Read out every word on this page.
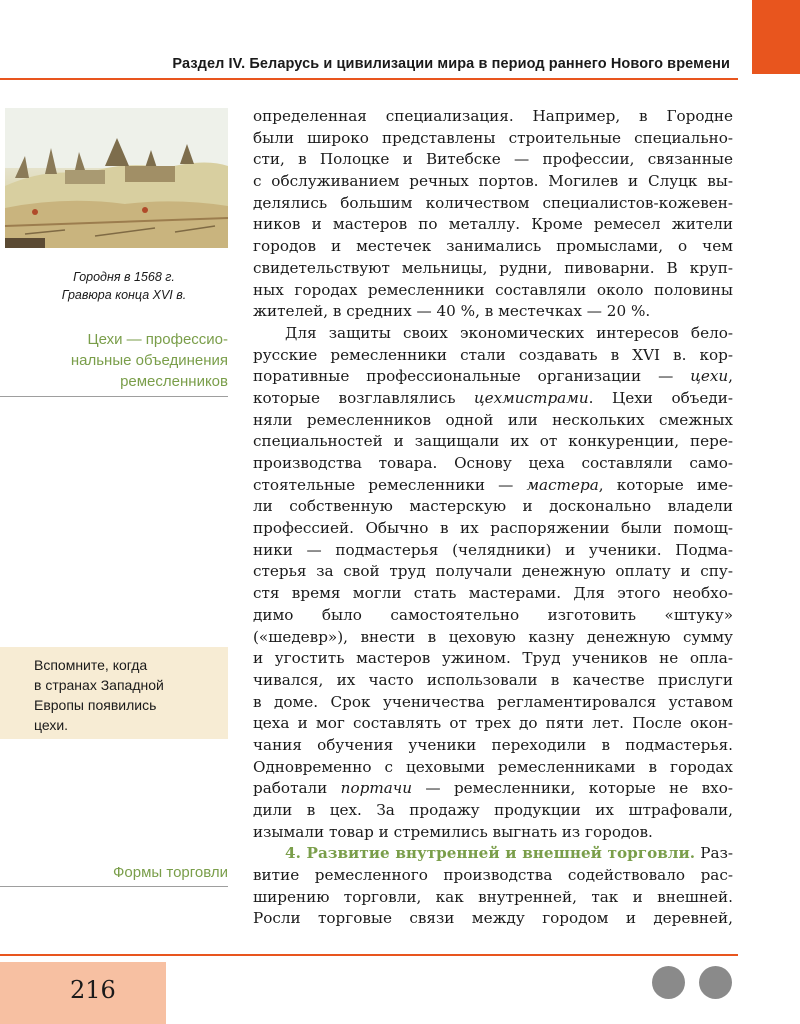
Раздел IV. Беларусь и цивилизации мира в период раннего Нового времени
Городня в 1568 г.
Гравюра конца XVI в.
Цехи — профессио-
нальные объединения
ремесленников
Вспомните, когда
в странах Западной
Европы появились
цехи.
Формы торговли
определенная специализация. Например, в Городне
были широко представлены строительные специально-
сти, в Полоцке и Витебске — профессии, связанные
с обслуживанием речных портов. Могилев и Слуцк вы-
делялись большим количеством специалистов-кожевен-
ников и мастеров по металлу. Кроме ремесел жители
городов и местечек занимались промыслами, о чем
свидетельствуют мельницы, рудни, пивоварни. В круп-
ных городах ремесленники составляли около половины
жителей, в средних — 40 %, в местечках — 20 %.
Для защиты своих экономических интересов бело-
русские ремесленники стали создавать в XVI в. кор-
поративные профессиональные организации — цехи,
которые возглавлялись цехмистрами. Цехи объеди-
няли ремесленников одной или нескольких смежных
специальностей и защищали их от конкуренции, пере-
производства товара. Основу цеха составляли само-
стоятельные ремесленники — мастера, которые име-
ли собственную мастерскую и досконально владели
профессией. Обычно в их распоряжении были помощ-
ники — подмастерья (челядники) и ученики. Подма-
стерья за свой труд получали денежную оплату и спу-
стя время могли стать мастерами. Для этого необхо-
димо было самостоятельно изготовить «штуку»
(«шедевр»), внести в цеховую казну денежную сумму
и угостить мастеров ужином. Труд учеников не опла-
чивался, их часто использовали в качестве прислуги
в доме. Срок ученичества регламентировался уставом
цеха и мог составлять от трех до пяти лет. После окон-
чания обучения ученики переходили в подмастерья.
Одновременно с цеховыми ремесленниками в городах
работали портачи — ремесленники, которые не вхо-
дили в цех. За продажу продукции их штрафовали,
изымали товар и стремились выгнать из городов.
4. Развитие внутренней и внешней торговли. Раз-
витие ремесленного производства содействовало рас-
ширению торговли, как внутренней, так и внешней.
Росли торговые связи между городом и деревней,
216
